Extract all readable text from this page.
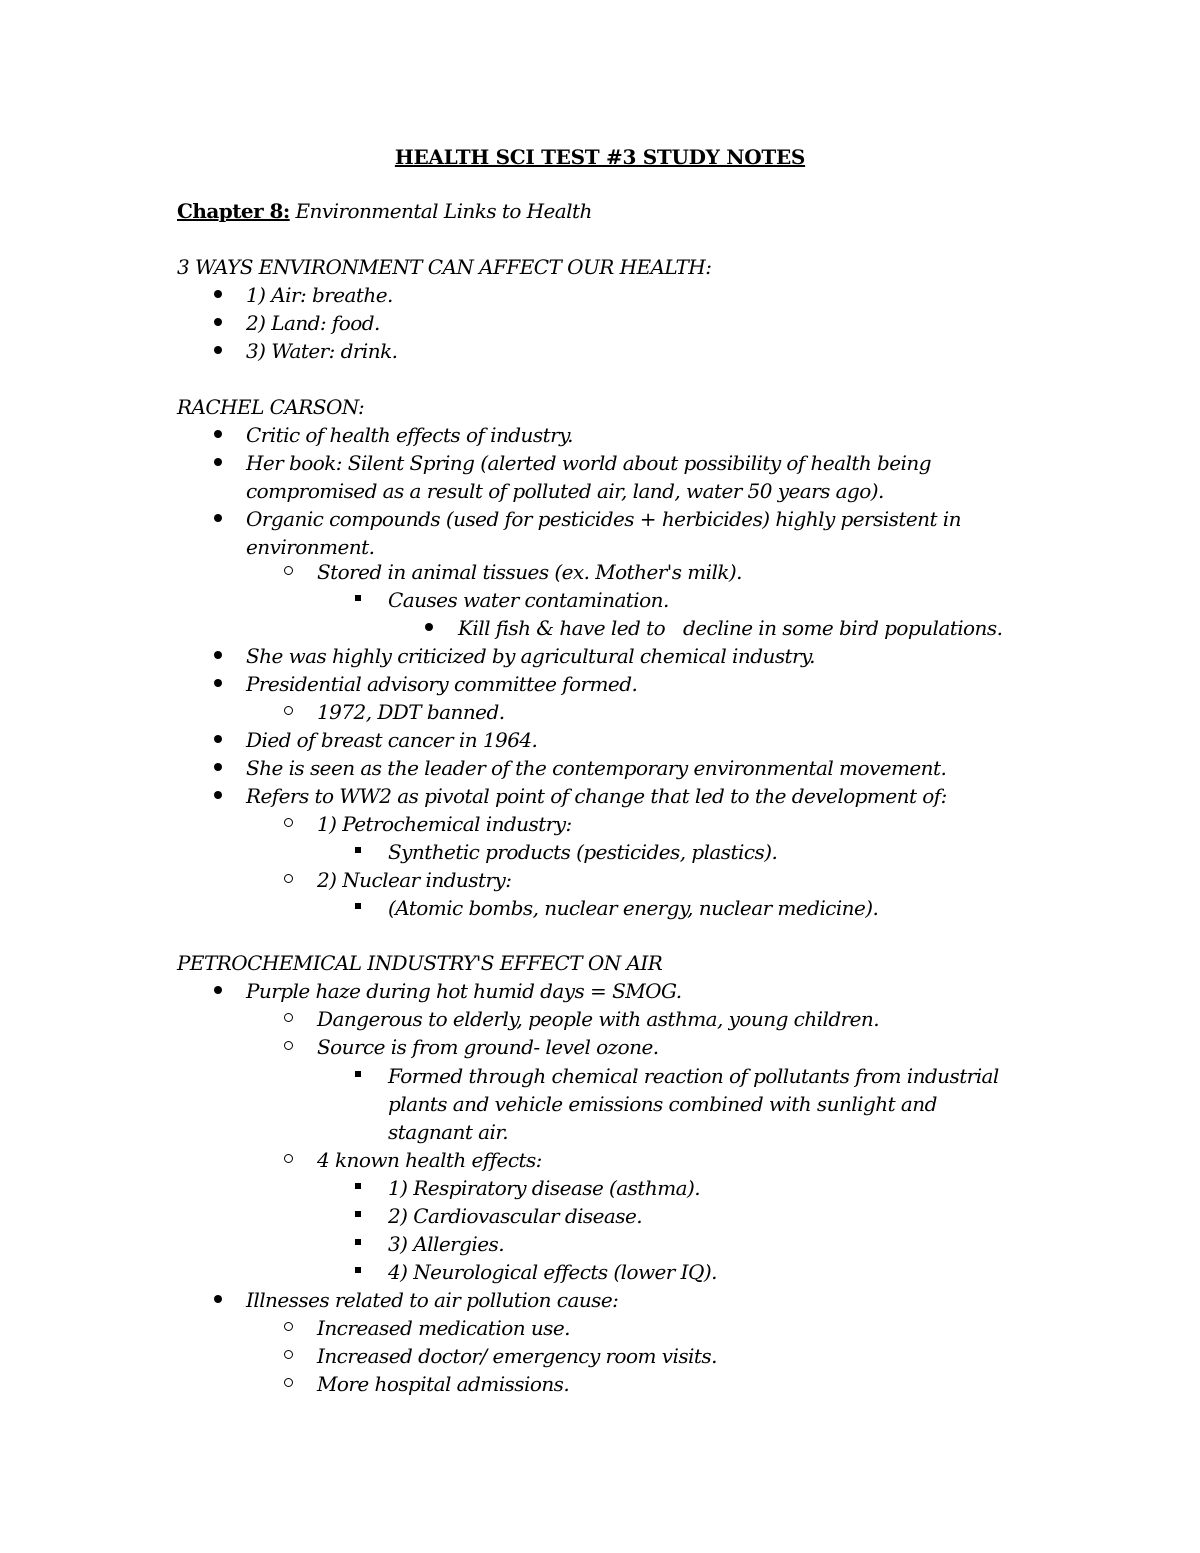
HEALTH SCI TEST #3 STUDY NOTES
Chapter 8: Environmental Links to Health
3 WAYS ENVIRONMENT CAN AFFECT OUR HEALTH:
1) Air: breathe.
2) Land: food.
3) Water: drink.
RACHEL CARSON:
Critic of health effects of industry.
Her book: Silent Spring (alerted world about possibility of health being
compromised as a result of polluted air, land, water 50 years ago).
Organic compounds (used for pesticides + herbicides) highly persistent in
environment.
Stored in animal tissues (ex. Mother's milk).
Causes water contamination.
Kill fish & have led to decline in some bird populations.
She was highly criticized by agricultural chemical industry.
Presidential advisory committee formed.
1972, DDT banned.
Died of breast cancer in 1964.
She is seen as the leader of the contemporary environmental movement.
Refers to WW2 as pivotal point of change that led to the development of:
1) Petrochemical industry:
Synthetic products (pesticides, plastics).
2) Nuclear industry:
(Atomic bombs, nuclear energy, nuclear medicine).
PETROCHEMICAL INDUSTRY'S EFFECT ON AIR
Purple haze during hot humid days = SMOG.
Dangerous to elderly, people with asthma, young children.
Source is from ground- level ozone.
Formed through chemical reaction of pollutants from industrial
plants and vehicle emissions combined with sunlight and
stagnant air.
4 known health effects:
1) Respiratory disease (asthma).
2) Cardiovascular disease.
3) Allergies.
4) Neurological effects (lower IQ).
Illnesses related to air pollution cause:
Increased medication use.
Increased doctor/ emergency room visits.
More hospital admissions.
